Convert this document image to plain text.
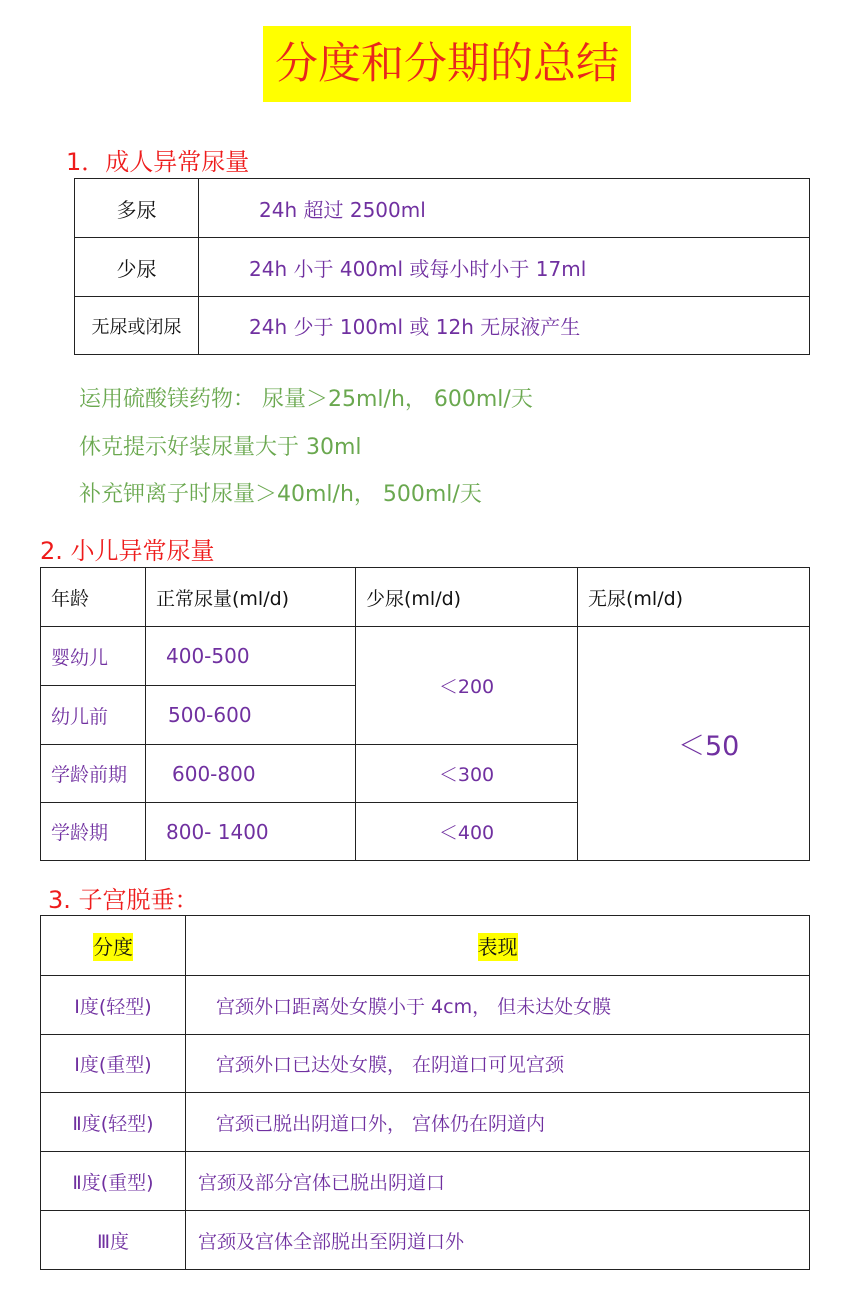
分度和分期的总结
1．成人异常尿量
多尿	24h 超过 2500ml
少尿	24h 小于 400ml 或每小时小于 17ml
无尿或闭尿	24h 少于 100ml 或 12h 无尿液产生
运用硫酸镁药物： 尿量＞25ml/h， 600ml/天
休克提示好装尿量大于 30ml
补充钾离子时尿量＞40ml/h， 500ml/天
2. 小儿异常尿量
年龄	正常尿量(ml/d)	少尿(ml/d)	无尿(ml/d)
婴幼儿	400-500	＜200	＜50
幼儿前	500-600		
学龄前期	600-800	＜300	
学龄期	800- 1400	＜400	
3. 子宫脱垂：
分度	表现
Ⅰ度(轻型)	宫颈外口距离处女膜小于 4cm， 但未达处女膜
Ⅰ度(重型)	宫颈外口已达处女膜， 在阴道口可见宫颈
Ⅱ度(轻型)	宫颈已脱出阴道口外， 宫体仍在阴道内
Ⅱ度(重型)	宫颈及部分宫体已脱出阴道口
Ⅲ度	宫颈及宫体全部脱出至阴道口外
